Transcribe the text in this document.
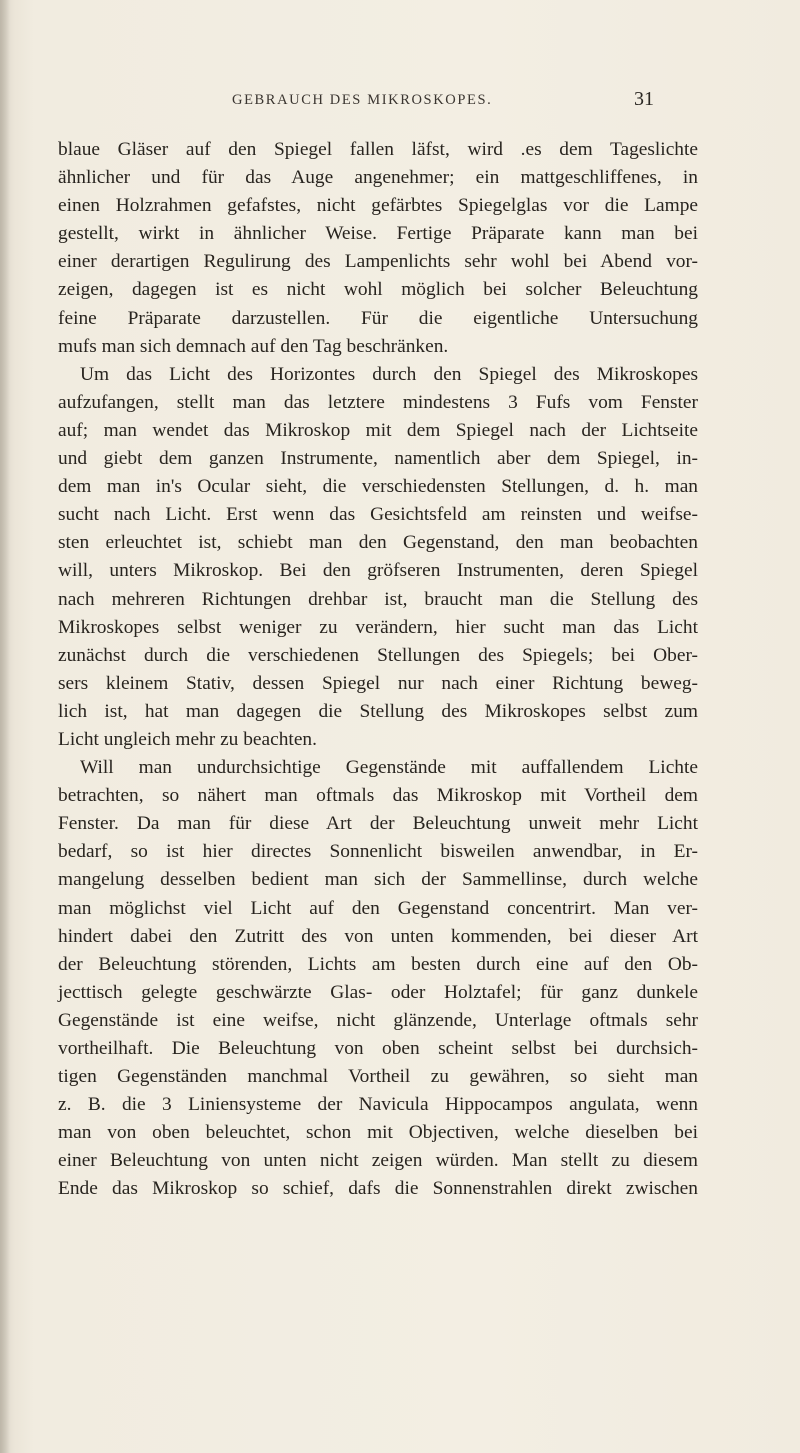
GEBRAUCH DES MIKROSKOPES.	31
blaue Gläser auf den Spiegel fallen läfst, wird .es dem Tageslichte
ähnlicher und für das Auge angenehmer; ein mattgeschliffenes, in
einen Holzrahmen gefafstes, nicht gefärbtes Spiegelglas vor die Lampe
gestellt, wirkt in ähnlicher Weise. Fertige Präparate kann man bei
einer derartigen Regulirung des Lampenlichts sehr wohl bei Abend vor-
zeigen, dagegen ist es nicht wohl möglich bei solcher Beleuchtung
feine Präparate darzustellen. Für die eigentliche Untersuchung
mufs man sich demnach auf den Tag beschränken.
Um das Licht des Horizontes durch den Spiegel des Mikroskopes
aufzufangen, stellt man das letztere mindestens 3 Fufs vom Fenster
auf; man wendet das Mikroskop mit dem Spiegel nach der Lichtseite
und giebt dem ganzen Instrumente, namentlich aber dem Spiegel, in-
dem man in's Ocular sieht, die verschiedensten Stellungen, d. h. man
sucht nach Licht. Erst wenn das Gesichtsfeld am reinsten und weifse-
sten erleuchtet ist, schiebt man den Gegenstand, den man beobachten
will, unters Mikroskop. Bei den gröfseren Instrumenten, deren Spiegel
nach mehreren Richtungen drehbar ist, braucht man die Stellung des
Mikroskopes selbst weniger zu verändern, hier sucht man das Licht
zunächst durch die verschiedenen Stellungen des Spiegels; bei Ober-
sers kleinem Stativ, dessen Spiegel nur nach einer Richtung beweg-
lich ist, hat man dagegen die Stellung des Mikroskopes selbst zum
Licht ungleich mehr zu beachten.
Will man undurchsichtige Gegenstände mit auffallendem Lichte
betrachten, so nähert man oftmals das Mikroskop mit Vortheil dem
Fenster. Da man für diese Art der Beleuchtung unweit mehr Licht
bedarf, so ist hier directes Sonnenlicht bisweilen anwendbar, in Er-
mangelung desselben bedient man sich der Sammellinse, durch welche
man möglichst viel Licht auf den Gegenstand concentrirt. Man ver-
hindert dabei den Zutritt des von unten kommenden, bei dieser Art
der Beleuchtung störenden, Lichts am besten durch eine auf den Ob-
jecttisch gelegte geschwärzte Glas- oder Holztafel; für ganz dunkele
Gegenstände ist eine weifse, nicht glänzende, Unterlage oftmals sehr
vortheilhaft. Die Beleuchtung von oben scheint selbst bei durchsich-
tigen Gegenständen manchmal Vortheil zu gewähren, so sieht man
z. B. die 3 Liniensysteme der Navicula Hippocampos angulata, wenn
man von oben beleuchtet, schon mit Objectiven, welche dieselben bei
einer Beleuchtung von unten nicht zeigen würden. Man stellt zu diesem
Ende das Mikroskop so schief, dafs die Sonnenstrahlen direkt zwischen
